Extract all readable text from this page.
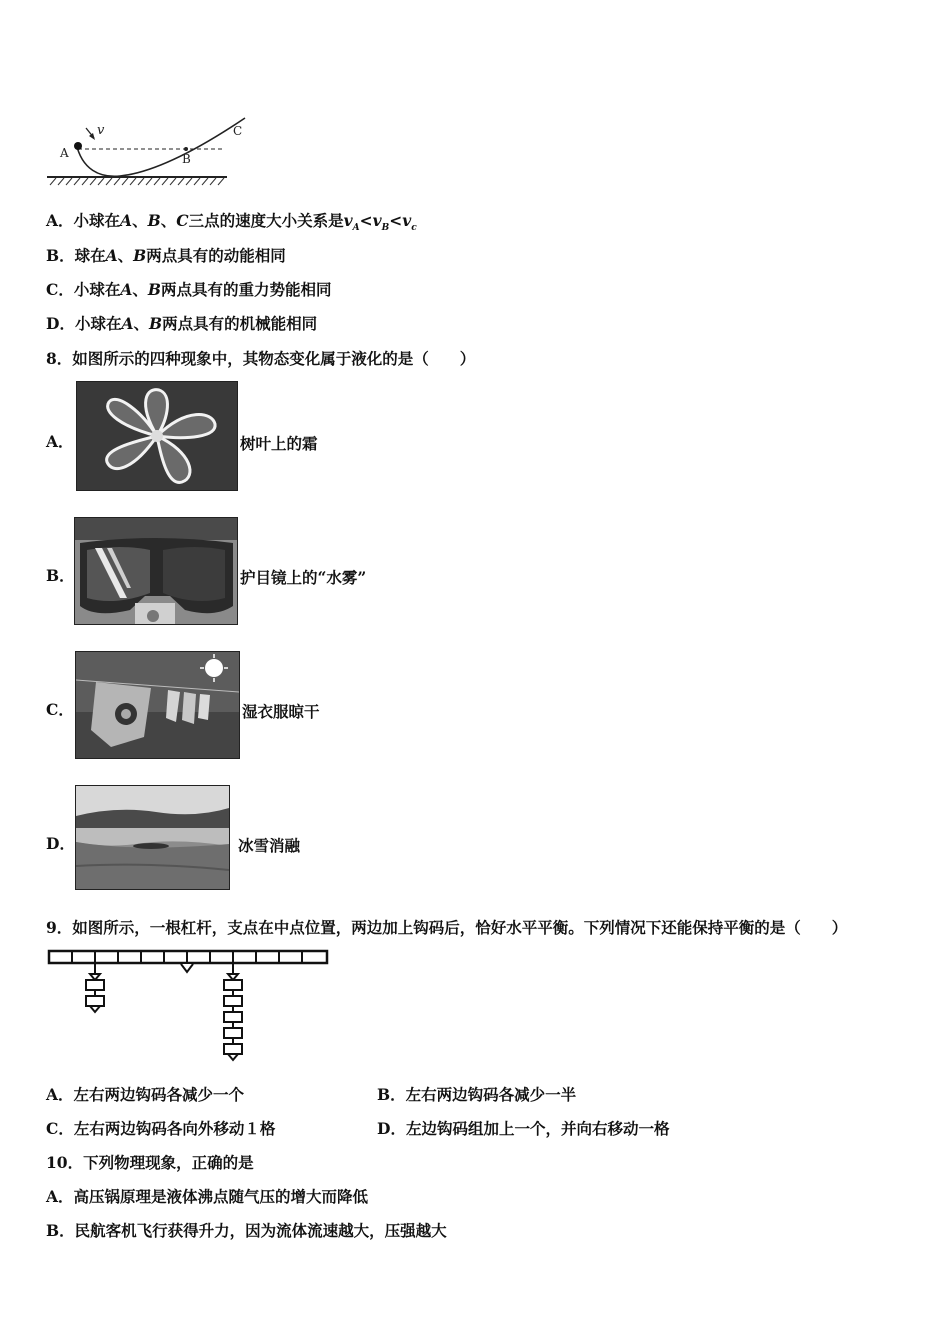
v
A	B
C
A．小球在A、B、C三点的速度大小关系是$v_A<v_B<v_c$
B．球在A、B两点具有的动能相同
C．小球在A、B两点具有的重力势能相同
D．小球在A、B两点具有的机械能相同
8．如图所示的四种现象中，其物态变化属于液化的是（　　）
A．	树叶上的霜
B．	护目镜上的“水雾”
C．	湿衣服晾干
D．	冰雪消融
9．如图所示，一根杠杆，支点在中点位置，两边加上钩码后，恰好水平平衡。下列情况下还能保持平衡的是（　　）
A．左右两边钩码各减少一个	B．左右两边钩码各减少一半
C．左右两边钩码各向外移动１格	D．左边钩码组加上一个，并向右移动一格
10．下列物理现象，正确的是
A．高压锅原理是液体沸点随气压的增大而降低
B．民航客机飞行获得升力，因为流体流速越大，压强越大
